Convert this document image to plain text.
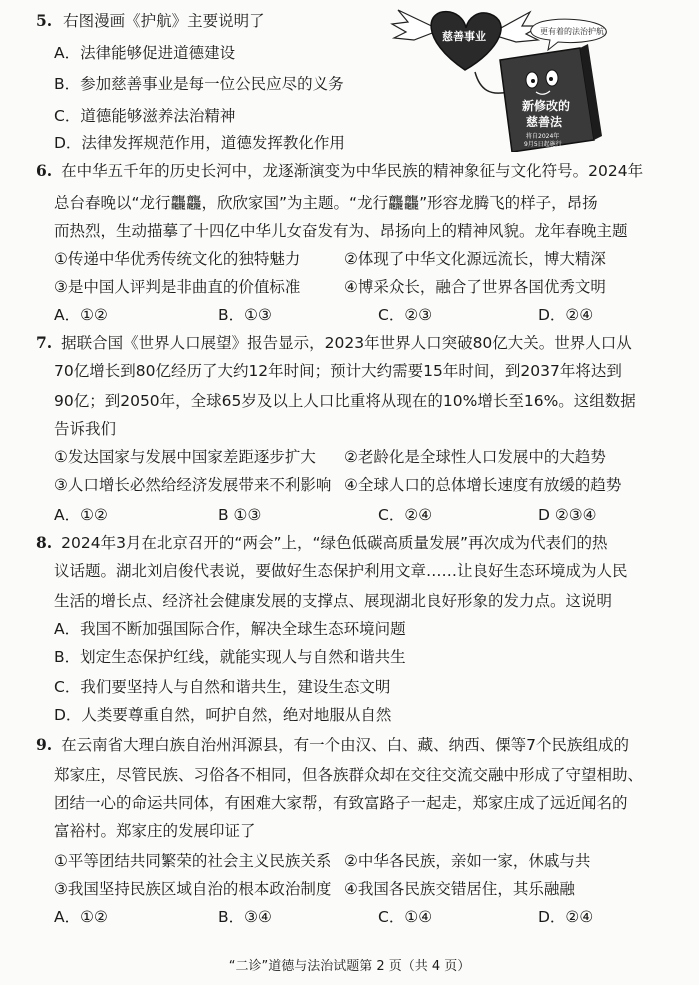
5. 右图漫画《护航》主要说明了
A．法律能够促进道德建设
B．参加慈善事业是每一位公民应尽的义务
C．道德能够滋养法治精神
D．法律发挥规范作用，道德发挥教化作用
慈善事业
新修改的
慈善法
将自2024年
9月5日起施行
更有着的法治护航
6. 在中华五千年的历史长河中，龙逐渐演变为中华民族的精神象征与文化符号。2024年
总台春晚以“龙行龘龘，欣欣家国”为主题。“龙行龘龘”形容龙腾飞的样子，昂扬
而热烈，生动描摹了十四亿中华儿女奋发有为、昂扬向上的精神风貌。龙年春晚主题
①传递中华优秀传统文化的独特魅力	②体现了中华文化源远流长，博大精深
③是中国人评判是非曲直的价值标准	④博采众长，融合了世界各国优秀文明
A．①②	B．①③	C．②③	D．②④
7. 据联合国《世界人口展望》报告显示，2023年世界人口突破80亿大关。世界人口从
70亿增长到80亿经历了大约12年时间；预计大约需要15年时间，到2037年将达到
90亿；到2050年，全球65岁及以上人口比重将从现在的10%增长至16%。这组数据
告诉我们
①发达国家与发展中国家差距逐步扩大 ②老龄化是全球性人口发展中的大趋势
③人口增长必然给经济发展带来不利影响 ④全球人口的总体增长速度有放缓的趋势
A．①②	B ①③	C．②④	D ②③④
8. 2024年3月在北京召开的“两会”上，“绿色低碳高质量发展”再次成为代表们的热
议话题。湖北刘启俊代表说，要做好生态保护利用文章……让良好生态环境成为人民
生活的增长点、经济社会健康发展的支撑点、展现湖北良好形象的发力点。这说明
A．我国不断加强国际合作，解决全球生态环境问题
B．划定生态保护红线，就能实现人与自然和谐共生
C．我们要坚持人与自然和谐共生，建设生态文明
D．人类要尊重自然，呵护自然，绝对地服从自然
9. 在云南省大理白族自治州洱源县，有一个由汉、白、藏、纳西、傈等7个民族组成的
郑家庄，尽管民族、习俗各不相同，但各族群众却在交往交流交融中形成了守望相助、
团结一心的命运共同体，有困难大家帮，有致富路子一起走，郑家庄成了远近闻名的
富裕村。郑家庄的发展印证了
①平等团结共同繁荣的社会主义民族关系 ②中华各民族，亲如一家，休戚与共
③我国坚持民族区域自治的根本政治制度 ④我国各民族交错居住，其乐融融
A．①②	B．③④	C．①④	D．②④
“二诊”道德与法治试题第 2 页（共 4 页）
